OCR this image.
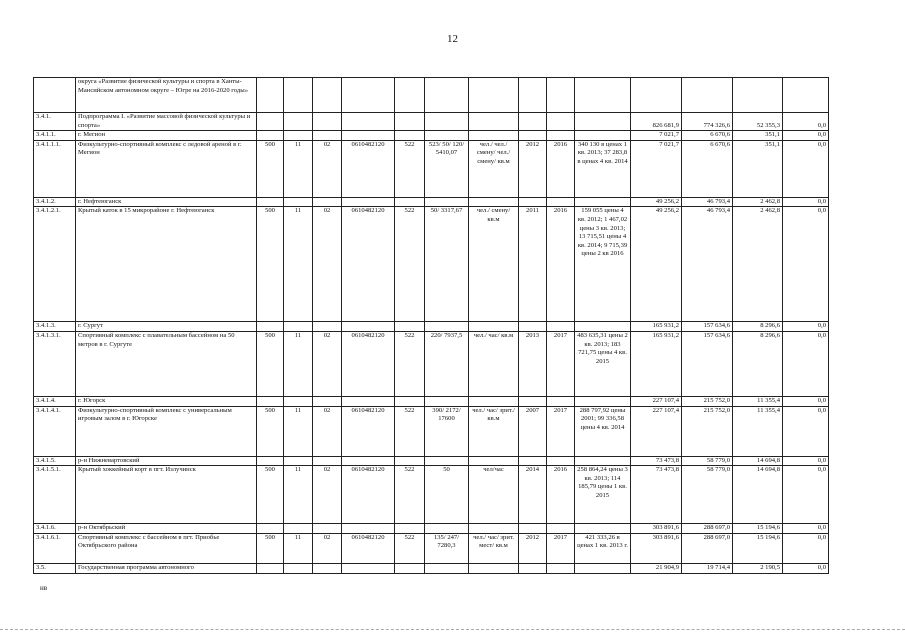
12
	округа «Развитие физической культуры и спорта в Ханты-Мансийском автономном округе – Югре на 2016-2020 годы»														
3.4.1.	Подпрограмма I. «Развитие массовой физической культуры и спорта»											826 681,9	774 326,6	52 355,3	0,0
3.4.1.1.	г. Мегион											7 021,7	6 670,6	351,1	0,0
3.4.1.1.1.	Физкультурно-спортивный комплекс с ледовой ареной в г. Мегион	500	11	02	0610482120	522	523/ 50/ 120/ 5410,07	чел./ чел./ смену/ чел./ смену/ кв.м	2012	2016	340 130 в ценах 1 кв. 2013; 37 283,8 в ценах 4 кв. 2014	7 021,7	6 670,6	351,1	0,0
3.4.1.2.	г. Нефтеюганск											49 256,2	46 793,4	2 462,8	0,0
3.4.1.2.1.	Крытый каток в 15 микрорайоне г. Нефтеюганск	500	11	02	0610482120	522	50/ 3317,67	чел./ смену/ кв.м	2011	2016	159 055 цены 4 кв. 2012; 1 467,02 цены 3 кв. 2013; 13 715,51 цены 4 кв. 2014; 9 715,39 цены 2 кв 2016	49 256,2	46 793,4	2 462,8	0,0
3.4.1.3.	г. Сургут											165 931,2	157 634,6	8 296,6	0,0
3.4.1.3.1.	Спортивный комплекс с плавательным бассейном на 50 метров в г. Сургуте	500	11	02	0610482120	522	220/ 7937,5	чел./ час/ кв.м	2013	2017	483 635,31 цены 2 кв. 2013; 183 721,75 цены 4 кв. 2015	165 931,2	157 634,6	8 296,6	0,0
3.4.1.4.	г. Югорск											227 107,4	215 752,0	11 355,4	0,0
3.4.1.4.1.	Физкультурно-спортивный комплекс с универсальным игровым залом в г. Югорске	500	11	02	0610482120	522	390/ 2172/ 17600	чел./ час/ зрит./ кв.м	2007	2017	288 797,92 цены 2001; 99 336,58 цены 4 кв. 2014	227 107,4	215 752,0	11 355,4	0,0
3.4.1.5.	р-н Нижневартовский											73 473,8	58 779,0	14 694,8	0,0
3.4.1.5.1.	Крытый хоккейный корт в пгт. Излучинск	500	11	02	0610482120	522	50	чел/час	2014	2016	258 864,24 цены 3 кв. 2013; 114 185,79 цены 1 кв. 2015	73 473,8	58 779,0	14 694,8	0,0
3.4.1.6.	р-н Октябрьский											303 891,6	288 697,0	15 194,6	0,0
3.4.1.6.1.	Спортивный комплекс с бассейном в пгт. Приобье Октябрьского района	500	11	02	0610482120	522	135/ 247/ 7280,3	чел./ час/ зрит. мест/ кв.м	2012	2017	421 333,26 в ценах 1 кв. 2013 г.	303 891,6	288 697,0	15 194,6	0,0
3.5.	Государственная программа автономного											21 904,9	19 714,4	2 190,5	0,0
нв
